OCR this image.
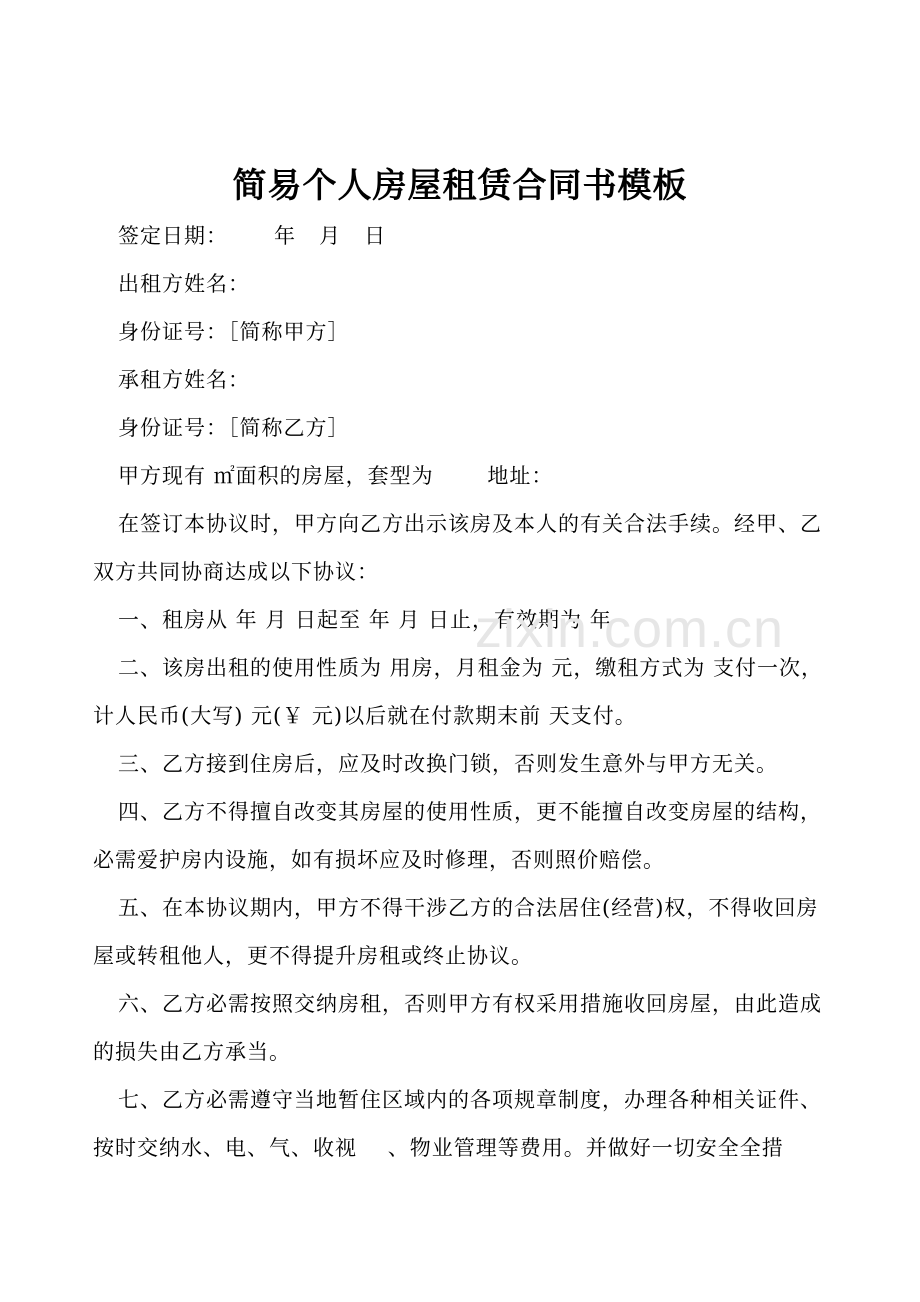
简易个人房屋租赁合同书模板

签定日期：      年   月   日

出租方姓名：

身份证号：［简称甲方］

承租方姓名：

身份证号：［简称乙方］

甲方现有 ㎡面积的房屋，套型为       地址：

在签订本协议时，甲方向乙方出示该房及本人的有关合法手续。经甲、乙双方共同协商达成以下协议：

一、租房从 年 月 日起至 年 月 日止，有效期为 年

二、该房出租的使用性质为 用房，月租金为 元，缴租方式为 支付一次，计人民币(大写) 元(￥ 元)以后就在付款期末前 天支付。

三、乙方接到住房后，应及时改换门锁，否则发生意外与甲方无关。

四、乙方不得擅自改变其房屋的使用性质，更不能擅自改变房屋的结构，必需爱护房内设施，如有损坏应及时修理，否则照价赔偿。

五、在本协议期内，甲方不得干涉乙方的合法居住(经营)权，不得收回房屋或转租他人，更不得提升房租或终止协议。

六、乙方必需按照交纳房租，否则甲方有权采用措施收回房屋，由此造成的损失由乙方承当。

七、乙方必需遵守当地暂住区域内的各项规章制度，办理各种相关证件、按时交纳水、电、气、收视    、物业管理等费用。并做好一切安全全措

zixin.com.cn
